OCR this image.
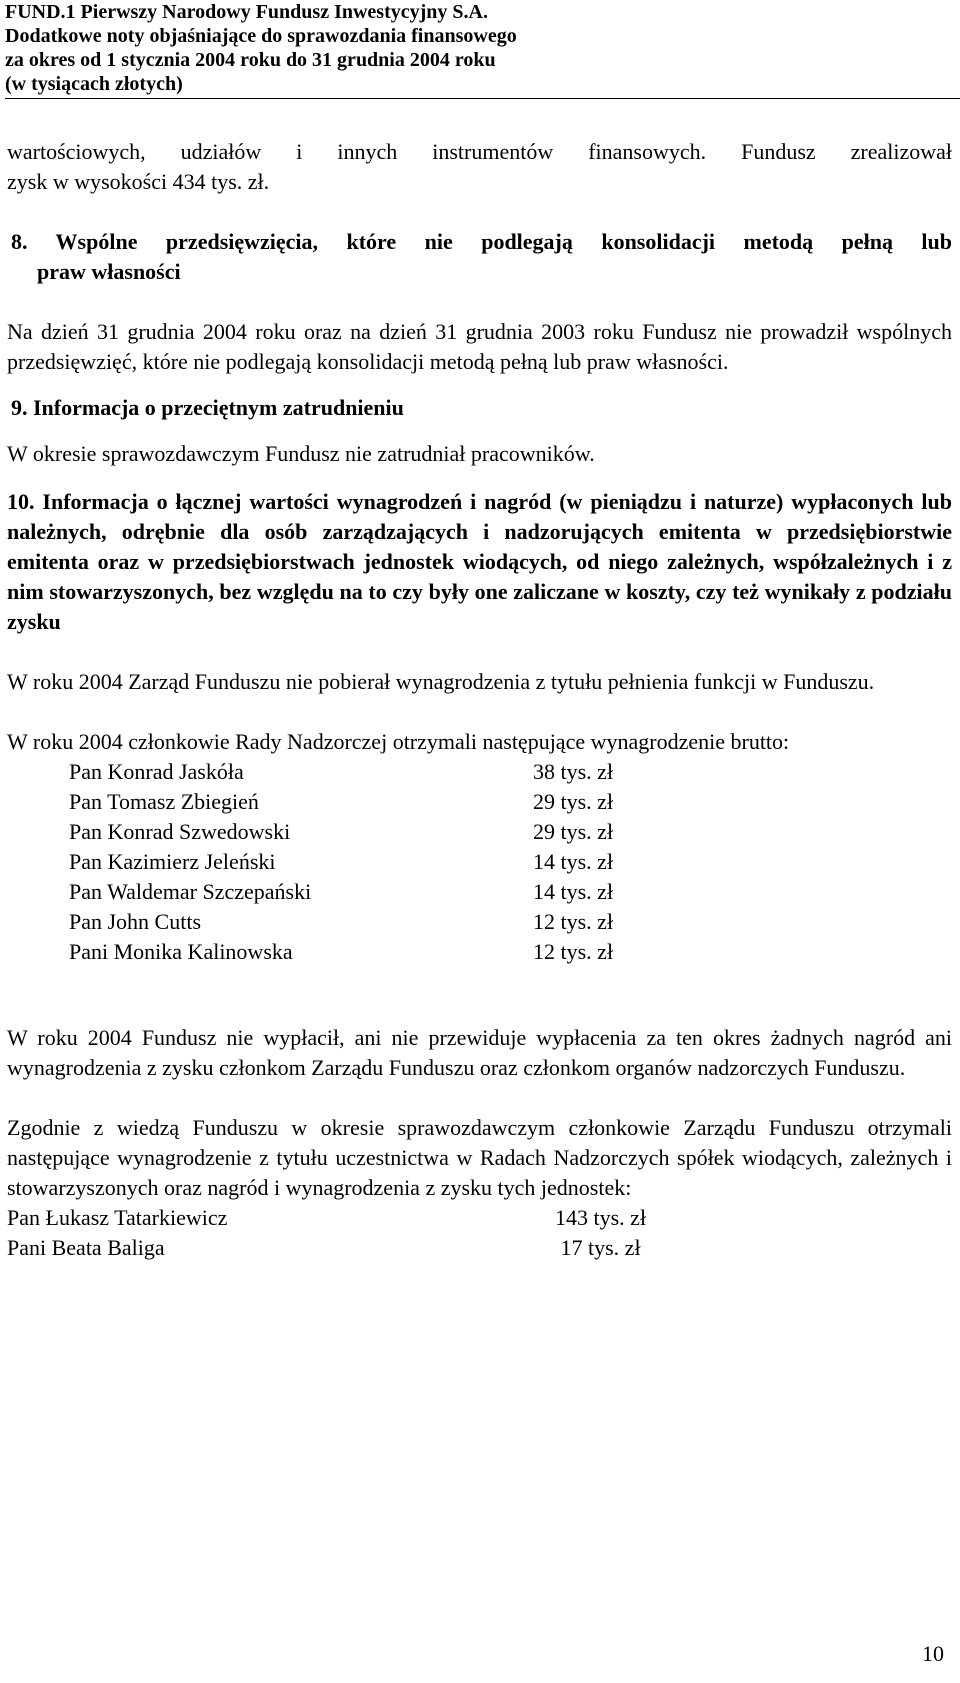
FUND.1 Pierwszy Narodowy Fundusz Inwestycyjny S.A.
Dodatkowe noty objaśniające do sprawozdania finansowego
za okres od 1 stycznia 2004 roku do 31 grudnia 2004 roku
(w tysiącach złotych)

wartościowych, udziałów i innych instrumentów finansowych. Fundusz zrealizował

zysk w wysokości 434 tys. zł.

8. Wspólne przedsięwzięcia, które nie podlegają konsolidacji metodą pełną lub

praw własności

Na dzień 31 grudnia 2004 roku oraz na dzień 31 grudnia 2003 roku Fundusz nie prowadził wspólnych przedsięwzięć, które nie podlegają konsolidacji metodą pełną lub praw własności.

9. Informacja o przeciętnym zatrudnieniu

W okresie sprawozdawczym Fundusz nie zatrudniał pracowników.

10. Informacja o łącznej wartości wynagrodzeń i nagród (w pieniądzu i naturze) wypłaconych lub należnych, odrębnie dla osób zarządzających i nadzorujących emitenta w przedsiębiorstwie emitenta oraz w przedsiębiorstwach jednostek wiodących, od niego zależnych, współzależnych i z nim stowarzyszonych, bez względu na to czy były one zaliczane w koszty, czy też wynikały z podziału zysku

W roku 2004 Zarząd Funduszu nie pobierał wynagrodzenia z tytułu pełnienia funkcji w Funduszu.

W roku 2004 członkowie Rady Nadzorczej otrzymali następujące wynagrodzenie brutto:

Pan Konrad Jaskóła	38 tys. zł
Pan Tomasz Zbiegień	29 tys. zł
Pan Konrad Szwedowski	29 tys. zł
Pan Kazimierz Jeleński	14 tys. zł
Pan Waldemar Szczepański	14 tys. zł
Pan John Cutts	12 tys. zł
Pani Monika Kalinowska	12 tys. zł

W roku 2004 Fundusz nie wypłacił, ani nie przewiduje wypłacenia za ten okres żadnych nagród ani wynagrodzenia z zysku członkom Zarządu Funduszu oraz członkom organów nadzorczych Funduszu.

Zgodnie z wiedzą Funduszu w okresie sprawozdawczym członkowie Zarządu Funduszu otrzymali następujące wynagrodzenie z tytułu uczestnictwa w Radach Nadzorczych spółek wiodących, zależnych i stowarzyszonych oraz nagród i wynagrodzenia z zysku tych jednostek:

Pan Łukasz Tatarkiewicz	143 tys. zł
Pani Beata Baliga	17 tys. zł
10
